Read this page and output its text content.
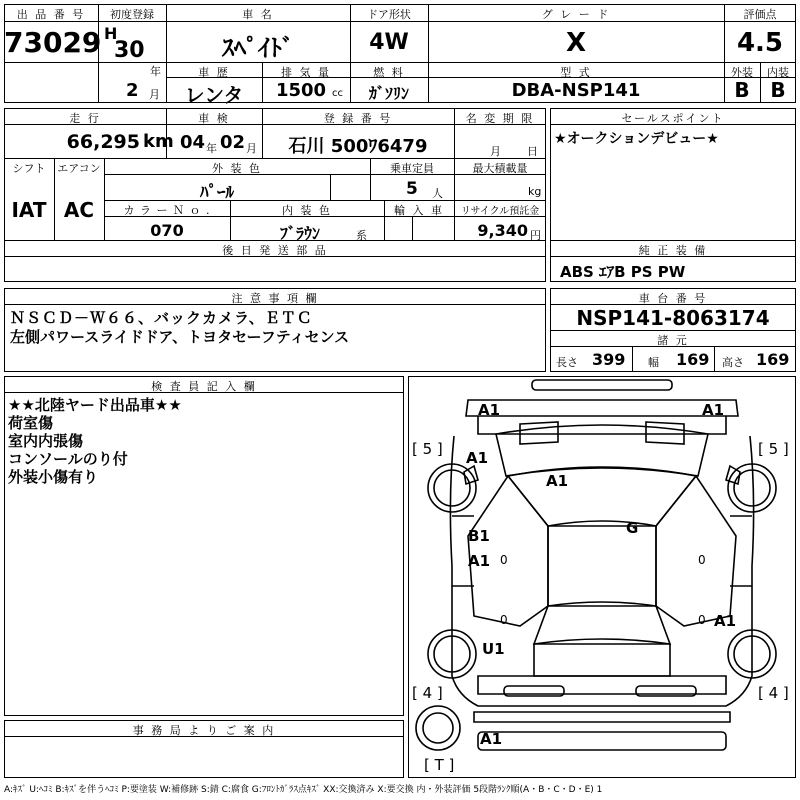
出 品 番 号
73029
初度登録
H
30
年
2 月
車 名
ｽﾍﾟｲﾄﾞ
ドア形状
4W
グ レ ー ド
X
評価点
4.5
外装	内装
B	B
車 歴
レンタ
排 気 量
1500 cc
燃 料
ｶﾞｿﾘﾝ
型 式
DBA-NSP141
走 行
66,295 km
車 検
04 年 02 月
登 録 番 号
石川 500ﾜ6479
名 変 期 限
月 日
シフト
IAT
エアコン
AC
外 装 色
ﾊﾟｰﾙ
乗車定員
5 人
最大積載量
kg
カ ラ ー Ｎ ｏ .
070
内 装 色
ﾌﾞﾗｳﾝ	系
輸 入 車	リサイクル預託金
9,340 円
後 日 発 送 部 品
セールスポイント
★オークションデビュー★
純 正 装 備
ABS ｴｱB PS PW
注 意 事 項 欄
ＮＳＣＤ－Ｗ６６、バックカメラ、ＥＴＣ
左側パワースライドドア、トヨタセーフティセンス
車 台 番 号
NSP141-8063174
諸 元
長さ 399 幅 169 高さ 169
検 査 員 記 入 欄
★★北陸ヤード出品車★★
荷室傷
室内内張傷
コンソールのり付
外装小傷有り
事 務 局 よ り ご 案 内
A1	A1
A1
A1
G
B1
A1
A1
U1
A1
[ 5 ]	[ 5 ]
[ 4 ]	[ 4 ]
[ T ]
0	0
0	0
A:ｷｽﾞ U:ﾍｺﾐ B:ｷｽﾞを伴うﾍｺﾐ P:要塗装 W:補修跡 S:錆 C:腐食 G:ﾌﾛﾝﾄｶﾞﾗｽ点ｷｽﾞ XX:交換済み X:要交換 内・外装評価 5段階ﾗﾝｸ順(A・B・C・D・E) 1
